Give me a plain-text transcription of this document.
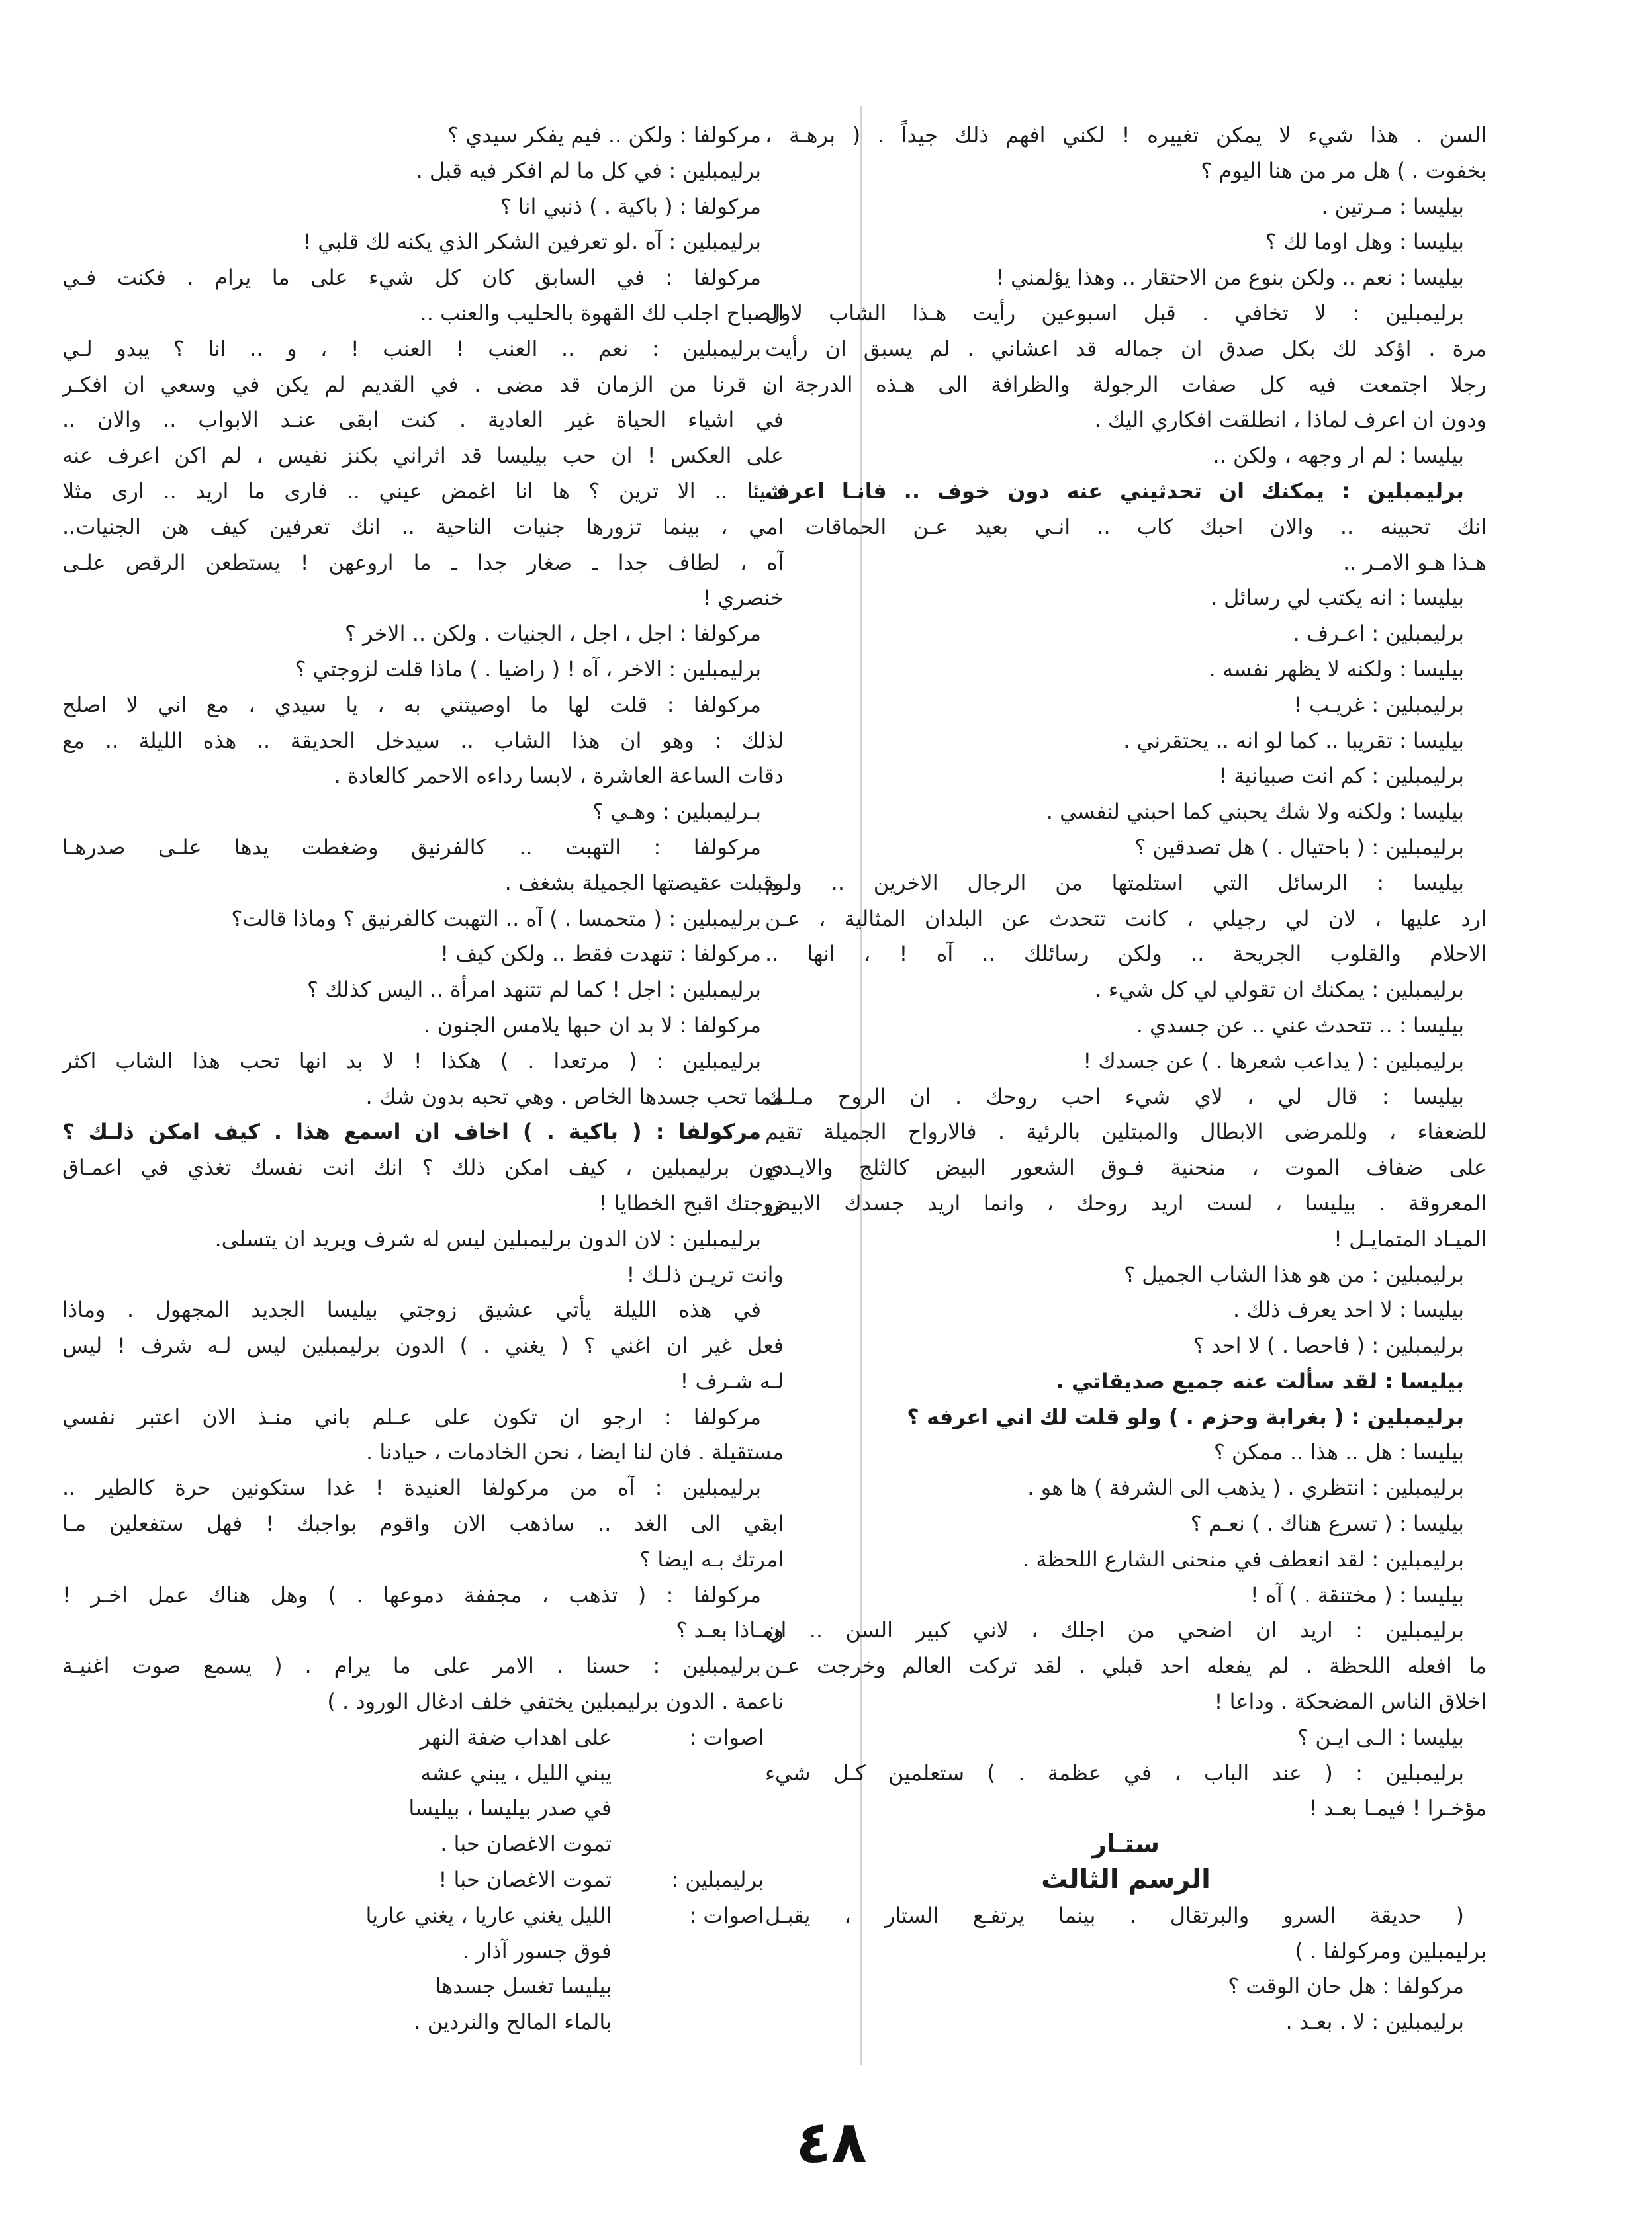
السن . هذا شيء لا يمكن تغييره ! لكني افهم ذلك جيداً . ( برهـة ،

بخفوت . ) هل مر من هنا اليوم ؟

بيليسا : مـرتين .

بيليسا : وهل اوما لك ؟

بيليسا : نعم .. ولكن بنوع من الاحتقار .. وهذا يؤلمني !

برليمبلين : لا تخافي . قبل اسبوعين رأيت هـذا الشاب لاول

مرة . اؤكد لك بكل صدق ان جماله قد اعشاني . لم يسبق ان رأيت

رجلا اجتمعت فيه كل صفات الرجولة والظرافة الى هـذه الدرجة .

ودون ان اعرف لماذا ، انطلقت افكاري اليك .

بيليسا : لم ار وجهه ، ولكن ..

برليمبلين : يمكنك ان تحدثيني عنه دون خوف .. فانـا اعرف

انك تحبينه .. والان احبك كاب .. انـي بعيد عـن الحماقات ..

هـذا هـو الامـر ..

بيليسا : انه يكتب لي رسائل .

برليمبلين : اعـرف .

بيليسا : ولكنه لا يظهر نفسه .

برليمبلين : غريـب !

بيليسا : تقريبا .. كما لو انه .. يحتقرني .

برليمبلين : كم انت صبيانية !

بيليسا : ولكنه ولا شك يحبني كما احبني لنفسي .

برليمبلين : ( باحتيال . ) هل تصدقين ؟

بيليسا : الرسائل التي استلمتها من الرجال الاخرين .. ولـم

ارد عليها ، لان لي رجيلي ، كانت تتحدث عن البلدان المثالية ، عـن

الاحلام والقلوب الجريحة .. ولكن رسائلك .. آه ! ، انها ..

برليمبلين : يمكنك ان تقولي لي كل شيء .

بيليسا : .. تتحدث عني .. عن جسدي .

برليمبلين : ( يداعب شعرها . ) عن جسدك !

بيليسا : قال لي ، لاي شيء احب روحك . ان الروح مـلـك

للضعفاء ، وللمرضى الابطال والمبتلين بالرئية . فالارواح الجميلة تقيم

على ضفاف الموت ، منحنية فـوق الشعور البيض كالثلج والايـدي

المعروقة . بيليسا ، لست اريد روحك ، وانما اريد جسدك الابيض

الميـاد المتمايـل !

برليمبلين : من هو هذا الشاب الجميل ؟

بيليسا : لا احد يعرف ذلك .

برليمبلين : ( فاحصا . ) لا احد ؟

بيليسا : لقد سألت عنه جميع صديقاتي .

برليمبلين : ( بغرابة وحزم . ) ولو قلت لك اني اعرفه ؟

بيليسا : هل .. هذا .. ممكن ؟

برليمبلين : انتظري . ( يذهب الى الشرفة ) ها هو .

بيليسا : ( تسرع هناك . ) نعـم ؟

برليمبلين : لقد انعطف في منحنى الشارع اللحظة .

بيليسا : ( مختنقة . ) آه !

برليمبلين : اريد ان اضحي من اجلك ، لاني كبير السن .. ان

ما افعله اللحظة . لم يفعله احد قبلي . لقد تركت العالم وخرجت عـن

اخلاق الناس المضحكة . وداعا !

بيليسا : الـى ايـن ؟

برليمبلين : ( عند الباب ، في عظمة . ) ستعلمين كـل شيء

مؤخـرا ! فيمـا بعـد !

ستـار

الرسم الثالث

( حديقة السرو والبرتقال . بينما يرتفـع الستار ، يقبـل

برليمبلين ومركولفا . )

مركولفا : هل حان الوقت ؟

برليمبلين : لا . بعـد .

مركولفا : ولكن .. فيم يفكر سيدي ؟

برليمبلين : في كل ما لم افكر فيه قبل .

مركولفا : ( باكية . ) ذنبي انا ؟

برليمبلين : آه .لو تعرفين الشكر الذي يكنه لك قلبي !

مركولفا : في السابق كان كل شيء على ما يرام . فكنت فـي

الصباح اجلب لك القهوة بالحليب والعنب ..

برليمبلين : نعم .. العنب ! العنب ! ، و .. انا ؟ يبدو لـي

ان قرنا من الزمان قد مضى . في القديم لم يكن في وسعي ان افكـر

في اشياء الحياة غير العادية . كنت ابقى عنـد الابواب .. والان ..

على العكس ! ان حب بيليسا قد اثراني بكنز نفيس ، لم اكن اعرف عنه

شيئا .. الا ترين ؟ ها انا اغمض عيني .. فارى ما اريد .. ارى مثلا

امي ، بينما تزورها جنيات الناحية .. انك تعرفين كيف هن الجنيات..

آه ، لطاف جدا ـ صغار جدا ـ ما اروعهن ! يستطعن الرقص علـى

خنصري !

مركولفا : اجل ، اجل ، الجنيات . ولكن .. الاخر ؟

برليمبلين : الاخر ، آه ! ( راضيا . ) ماذا قلت لزوجتي ؟

مركولفا : قلت لها ما اوصيتني به ، يا سيدي ، مع اني لا اصلح

لذلك : وهو ان هذا الشاب .. سيدخل الحديقة .. هذه الليلة .. مع

دقات الساعة العاشرة ، لابسا رداءه الاحمر كالعادة .

بـرليمبلين : وهـي ؟

مركولفا : التهبت .. كالفرنيق وضغطت يدها علـى صدرهـا

وقبلت عقيصتها الجميلة بشغف .

برليمبلين : ( متحمسا . ) آه .. التهبت كالفرنيق ؟ وماذا قالت؟

مركولفا : تنهدت فقط .. ولكن كيف !

برليمبلين : اجل ! كما لم تتنهد امرأة .. اليس كذلك ؟

مركولفا : لا بد ان حبها يلامس الجنون .

برليمبلين : ( مرتعدا . ) هكذا ! لا بد انها تحب هذا الشاب اكثر

مما تحب جسدها الخاص . وهي تحبه بدون شك .

مركولفا : ( باكية . ) اخاف ان اسمع هذا . كيف امكن ذلـك ؟

دون برليمبلين ، كيف امكن ذلك ؟ انك انت نفسك تغذي في اعمـاق

زوجتك اقبح الخطايا !

برليمبلين : لان الدون برليمبلين ليس له شرف ويريد ان يتسلى.

وانت تريـن ذلـك !

في هذه الليلة يأتي عشيق زوجتي بيليسا الجديد المجهول . وماذا

فعل غير ان اغني ؟ ( يغني . ) الدون برليمبلين ليس لـه شرف ! ليس

لـه شـرف !

مركولفا : ارجو ان تكون على عـلم باني منـذ الان اعتبر نفسي

مستقيلة . فان لنا ايضا ، نحن الخادمات ، حيادنا .

برليمبلين : آه من مركولفا العنيدة ! غدا ستكونين حرة كالطير ..

ابقي الى الغد .. ساذهب الان واقوم بواجبك ! فهل ستفعلين مـا

امرتك بـه ايضا ؟

مركولفا : ( تذهب ، مجففة دموعها . ) وهل هناك عمل اخـر !

ومـاذا بعـد ؟

برليمبلين : حسنا . الامر على ما يرام . ( يسمع صوت اغنيـة

ناعمة . الدون برليمبلين يختفي خلف ادغال الورود . )

اصوات :
على اهداب ضفة النهر
يبني الليل ، يبني عشه
في صدر بيليسا ، بيليسا
تموت الاغصان حبا .
برليمبلين :
تموت الاغصان حبا !
اصوات :
الليل يغني عاريا ، يغني عاريا
فوق جسور آذار .
بيليسا تغسل جسدها
بالماء المالح والنردين .
٤٨
